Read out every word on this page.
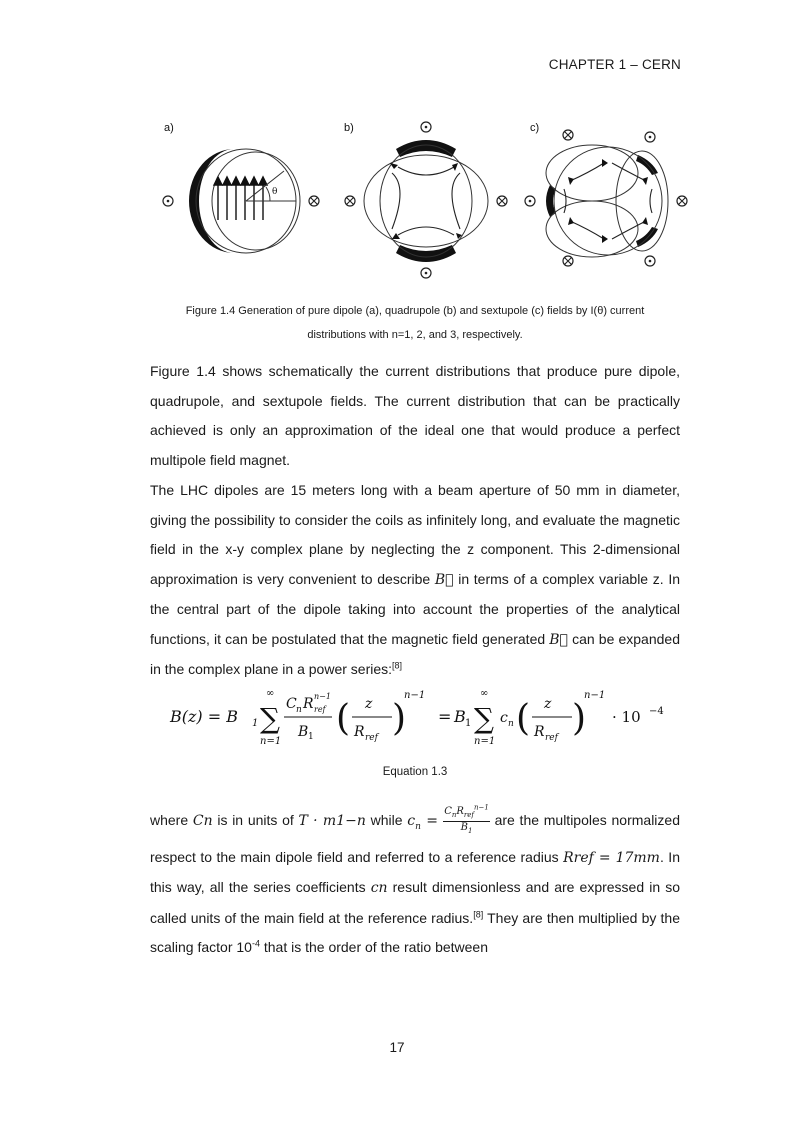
CHAPTER 1 – CERN
a)
θ
b)	c)
Figure 1.4 Generation of pure dipole (a), quadrupole (b) and sextupole (c) fields by I(θ) current
distributions with n=1, 2, and 3, respectively.
Figure 1.4 shows schematically the current distributions that produce pure dipole, quadrupole, and sextupole fields. The current distribution that can be practically achieved is only an approximation of the ideal one that would produce a perfect multipole field magnet.
The LHC dipoles are 15 meters long with a beam aperture of 50 mm in diameter, giving the possibility to consider the coils as infinitely long, and evaluate the magnetic field in the x-y complex plane by neglecting the z component. This 2-dimensional approximation is very convenient to describe B⃗ in terms of a complex variable z. In the central part of the dipole taking into account the properties of the analytical functions, it can be postulated that the magnetic field generated B⃗ can be expanded in the complex plane in a power series:[8]
B(z) = B 1 ∑
∞
n=1
C n R n−1
ref
B 1 ( z
R ref )
n−1
= B 1 ∑
∞
n=1
c n ( z
R ref )
n−1
· 10 −4
Equation 1.3
where Cn is in units of T · m1−n while $c_n = \frac{C_nR_{ref}^{n-1}}{B_1}$ are the multipoles normalized respect to the main dipole field and referred to a reference radius Rref = 17mm. In this way, all the series coefficients cn result dimensionless and are expressed in so called units of the main field at the reference radius.[8] They are then multiplied by the scaling factor $10^{-4}$ that is the order of the ratio between
17
